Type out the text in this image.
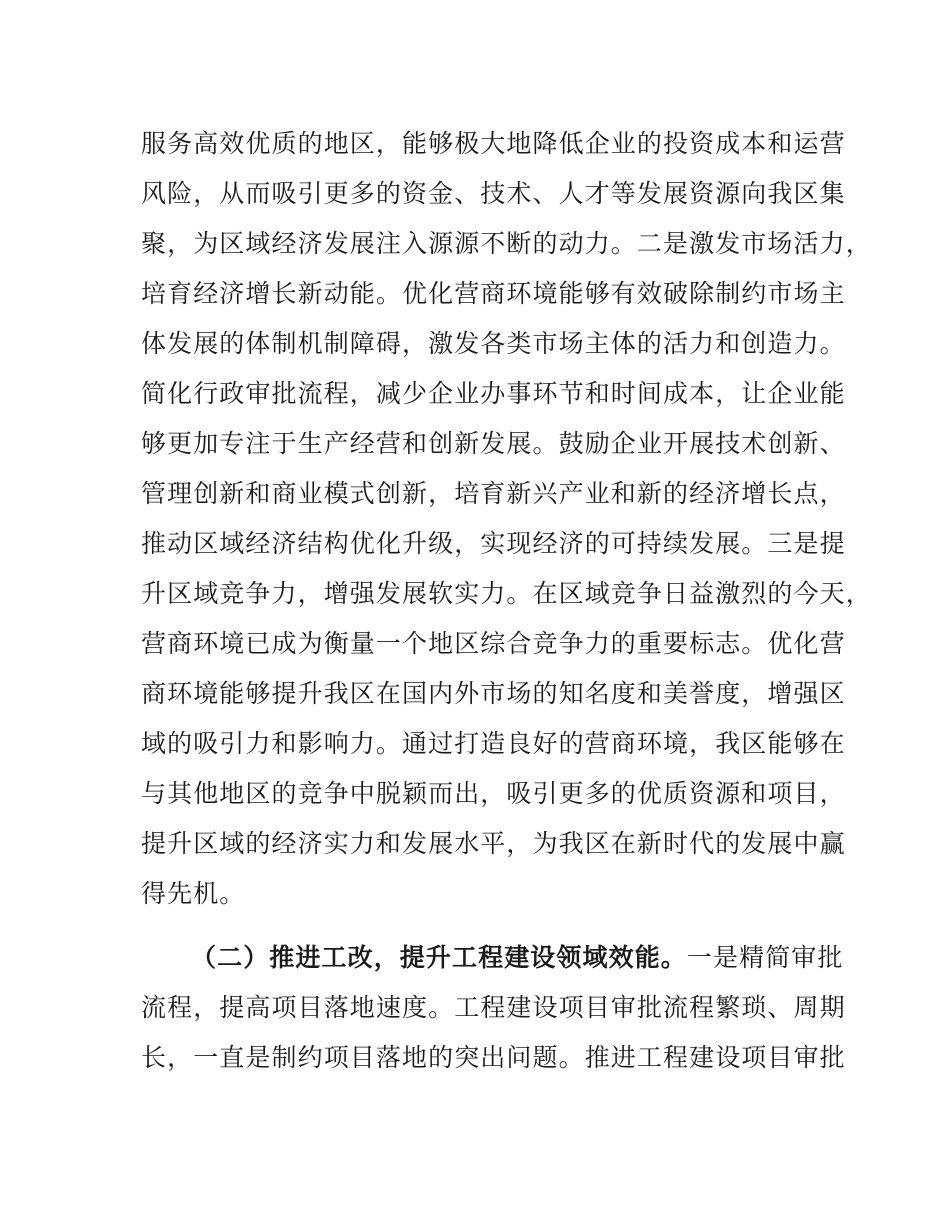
服务高效优质的地区，能够极大地降低企业的投资成本和运营
风险，从而吸引更多的资金、技术、人才等发展资源向我区集
聚，为区域经济发展注入源源不断的动力。二是激发市场活力，
培育经济增长新动能。优化营商环境能够有效破除制约市场主
体发展的体制机制障碍，激发各类市场主体的活力和创造力。
简化行政审批流程，减少企业办事环节和时间成本，让企业能
够更加专注于生产经营和创新发展。鼓励企业开展技术创新、
管理创新和商业模式创新，培育新兴产业和新的经济增长点，
推动区域经济结构优化升级，实现经济的可持续发展。三是提
升区域竞争力，增强发展软实力。在区域竞争日益激烈的今天，
营商环境已成为衡量一个地区综合竞争力的重要标志。优化营
商环境能够提升我区在国内外市场的知名度和美誉度，增强区
域的吸引力和影响力。通过打造良好的营商环境，我区能够在
与其他地区的竞争中脱颖而出，吸引更多的优质资源和项目，
提升区域的经济实力和发展水平，为我区在新时代的发展中赢
得先机。
（二）推进工改，提升工程建设领域效能。一是精简审批
流程，提高项目落地速度。工程建设项目审批流程繁琐、周期
长，一直是制约项目落地的突出问题。推进工程建设项目审批
